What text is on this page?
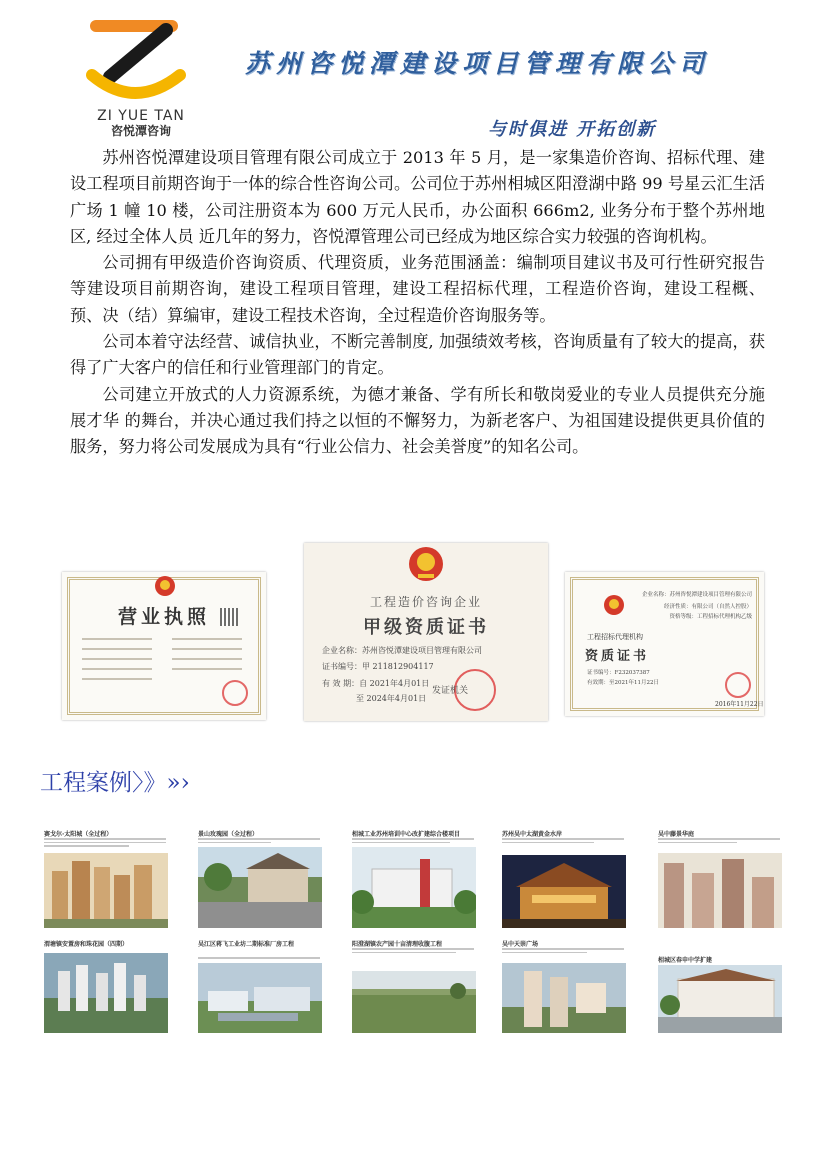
ZI YUE TAN
咨悦潭咨询
苏州咨悦潭建设项目管理有限公司
与时俱进 开拓创新

苏州咨悦潭建设项目管理有限公司成立于 2013 年 5 月，是一家集造价咨询、招标代理、建 设工程项目前期咨询于一体的综合性咨询公司。公司位于苏州相城区阳澄湖中路 99 号星云汇生活广场 1 幢 10 楼，公司注册资本为 600 万元人民币，办公面积 666m2, 业务分布于整个苏州地区, 经过全体人员 近几年的努力，咨悦潭管理公司已经成为地区综合实力较强的咨询机构。

公司拥有甲级造价咨询资质、代理资质，业务范围涵盖：编制项目建议书及可行性研究报告等建设项目前期咨询，建设工程项目管理，建设工程招标代理，工程造价咨询，建设工程概、预、决（结）算编审，建设工程技术咨询，全过程造价咨询服务等。

公司本着守法经营、诚信执业，不断完善制度, 加强绩效考核，咨询质量有了较大的提高，获得了广大客户的信任和行业管理部门的肯定。

公司建立开放式的人力资源系统，为德才兼备、学有所长和敬岗爱业的专业人员提供充分施展才华 的舞台，并决心通过我们持之以恒的不懈努力，为新老客户、为祖国建设提供更具价值的服务，努力将公司发展成为具有“行业公信力、社会美誉度”的知名公司。

营业执照
工程造价咨询企业
甲级资质证书
企业名称：苏州咨悦潭建设项目管理有限公司
证书编号：甲 211812904117
有 效 期：自 2021年4月01日
至 2024年4月01日
发证机关
企业名称：苏州咨悦潭建设项目管理有限公司
经济性质：有限公司（自然人控股）
资格等级：工程招标代理机构乙级
工程招标代理机构
资质证书
证书编号：F232037387
有效期：至2021年11月22日
2016年11月22日
工程案例〉》»›
赛戈尔·太阳城（全过程）	景山玫瑰园（全过程）	相城工业苏州培训中心改扩建综合楼项目	苏州吴中太湖黄金水岸	吴中藤景华庭
渭塘镇安置房和珠花园（四期）	吴江区蒋飞工业坊二期标准厂房工程	阳澄湖镇农产园十亩清理收腹工程	吴中天崇广场
相城区春申中学扩建
